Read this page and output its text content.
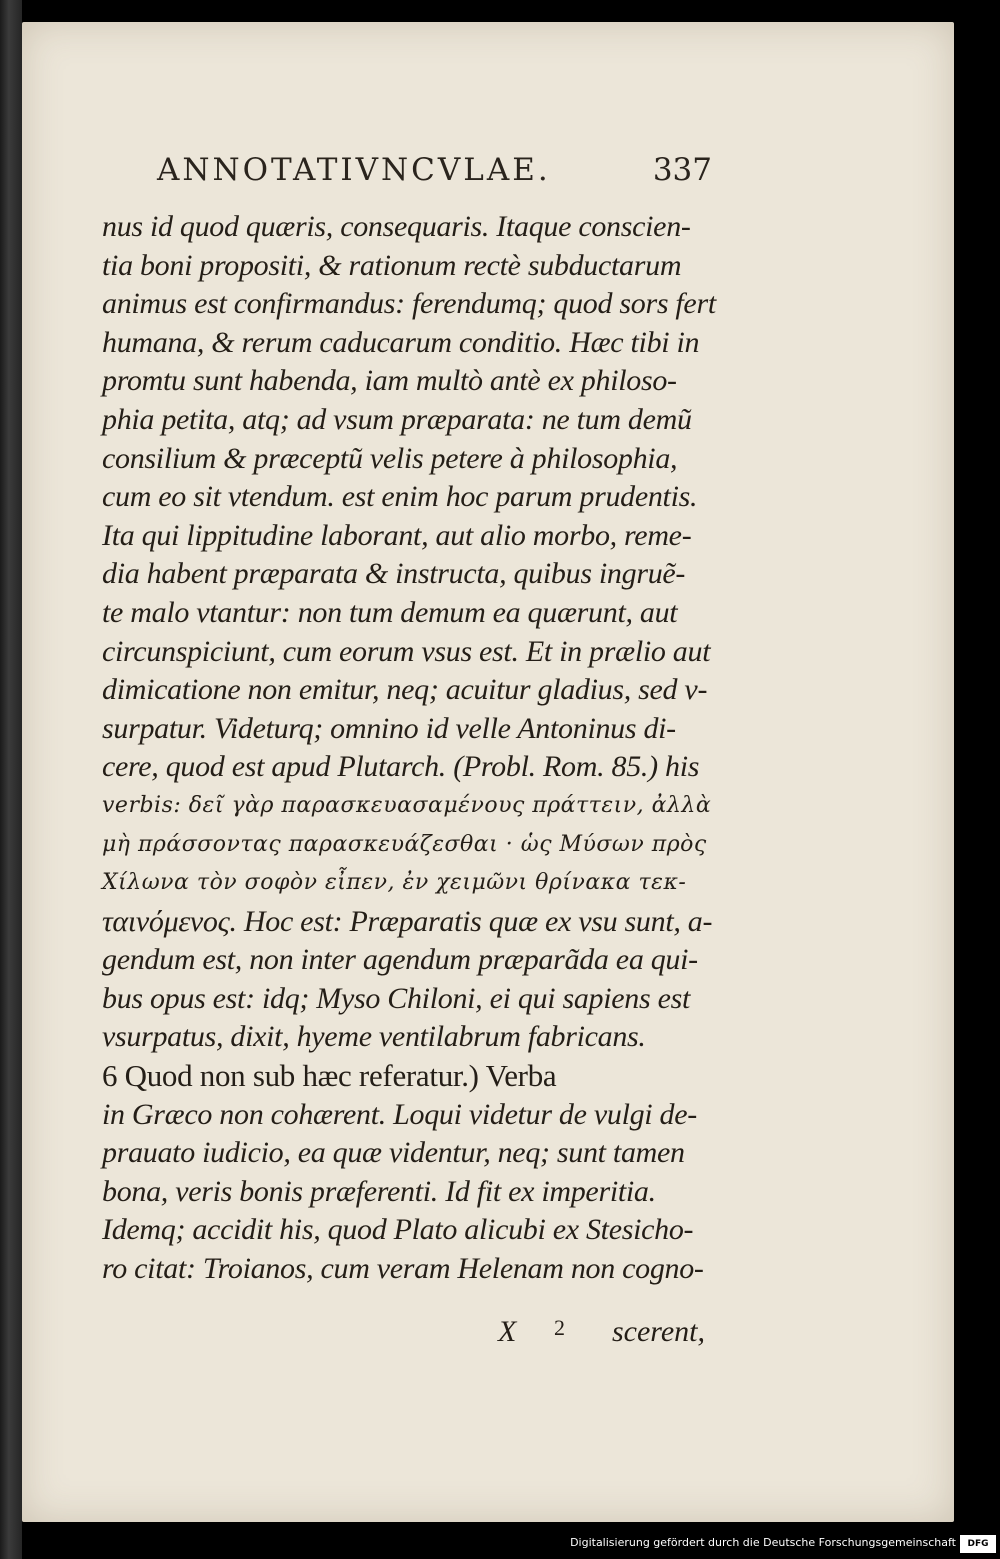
ANNOTATIVNCVLAE.	337
nus id quod quæris, consequaris. Itaque conscien-
tia boni propositi, & rationum rectè subductarum
animus est confirmandus: ferendumq; quod sors fert
humana, & rerum caducarum conditio. Hæc tibi in
promtu sunt habenda, iam multò antè ex philoso-
phia petita, atq; ad vsum præparata: ne tum demũ
consilium & præceptũ velis petere à philosophia,
cum eo sit vtendum. est enim hoc parum prudentis.
Ita qui lippitudine laborant, aut alio morbo, reme-
dia habent præparata & instructa, quibus ingruẽ-
te malo vtantur: non tum demum ea quærunt, aut
circunspiciunt, cum eorum vsus est. Et in prælio aut
dimicatione non emitur, neq; acuitur gladius, sed v-
surpatur. Videturq; omnino id velle Antoninus di-
cere, quod est apud Plutarch. (Probl. Rom. 85.) his
verbis: δεῖ γὰρ παρασκευασαμένους πράττειν, ἀλλὰ
μὴ πράσσοντας παρασκευάζεσθαι · ὡς Μύσων πρὸς
Χίλωνα τὸν σοφὸν εἶπεν, ἐν χειμῶνι θρίνακα τεκ-
ταινόμενος. Hoc est: Præparatis quæ ex vsu sunt, a-
gendum est, non inter agendum præparãda ea qui-
bus opus est: idq; Myso Chiloni, ei qui sapiens est
vsurpatus, dixit, hyeme ventilabrum fabricans.
6 Quod non sub hæc referatur.) Verba
in Græco non cohærent. Loqui videtur de vulgi de-
prauato iudicio, ea quæ videntur, neq; sunt tamen
bona, veris bonis præferenti. Id fit ex imperitia.
Idemq; accidit his, quod Plato alicubi ex Stesicho-
ro citat: Troianos, cum veram Helenam non cogno-
X 2 scerent,
Digitalisierung gefördert durch die Deutsche Forschungsgemeinschaft	DFG
